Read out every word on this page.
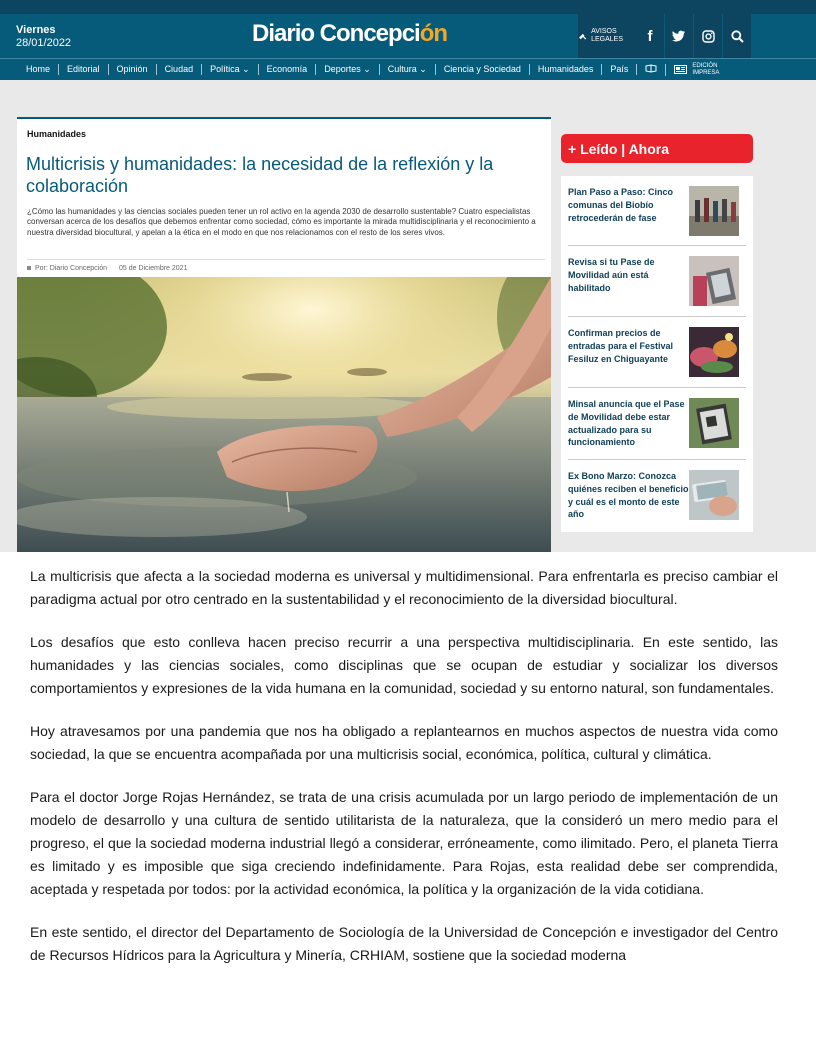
Viernes
28/01/2022	Diario Concepción	AVISOS LEGALES	f
Home	Editorial	Opinión	Ciudad	Política ⌄	Economía	Deportes ⌄	Cultura ⌄	Ciencia y Sociedad	Humanidades	País	EDICIÓN IMPRESA
Humanidades
Multicrisis y humanidades: la necesidad de la reflexión y la colaboración

¿Cómo las humanidades y las ciencias sociales pueden tener un rol activo en la agenda 2030 de desarrollo sustentable? Cuatro especialistas conversan acerca de los desafíos que debemos enfrentar como sociedad, cómo es importante la mirada multidisciplinaria y el reconocimiento a nuestra diversidad biocultural, y apelan a la ética en el modo en que nos relacionamos con el resto de los seres vivos.

Por: Diario Concepción 05 de Diciembre 2021
+ Leído | Ahora
Plan Paso a Paso: Cinco comunas del Biobío retrocederán de fase
Revisa si tu Pase de Movilidad aún está habilitado
Confirman precios de entradas para el Festival Fesiluz en Chiguayante
Minsal anuncia que el Pase de Movilidad debe estar actualizado para su funcionamiento
Ex Bono Marzo: Conozca quiénes reciben el beneficio y cuál es el monto de este año

La multicrisis que afecta a la sociedad moderna es universal y multidimensional. Para enfrentarla es preciso cambiar el paradigma actual por otro centrado en la sustentabilidad y el reconocimiento de la diversidad biocultural.

Los desafíos que esto conlleva hacen preciso recurrir a una perspectiva multidisciplinaria. En este sentido, las humanidades y las ciencias sociales, como disciplinas que se ocupan de estudiar y socializar los diversos comportamientos y expresiones de la vida humana en la comunidad, sociedad y su entorno natural, son fundamentales.

Hoy atravesamos por una pandemia que nos ha obligado a replantearnos en muchos aspectos de nuestra vida como sociedad, la que se encuentra acompañada por una multicrisis social, económica, política, cultural y climática.

Para el doctor Jorge Rojas Hernández, se trata de una crisis acumulada por un largo periodo de implementación de un modelo de desarrollo y una cultura de sentido utilitarista de la naturaleza, que la consideró un mero medio para el progreso, el que la sociedad moderna industrial llegó a considerar, erróneamente, como ilimitado. Pero, el planeta Tierra es limitado y es imposible que siga creciendo indefinidamente. Para Rojas, esta realidad debe ser comprendida, aceptada y respetada por todos: por la actividad económica, la política y la organización de la vida cotidiana.

En este sentido, el director del Departamento de Sociología de la Universidad de Concepción e investigador del Centro de Recursos Hídricos para la Agricultura y Minería, CRHIAM, sostiene que la sociedad moderna
